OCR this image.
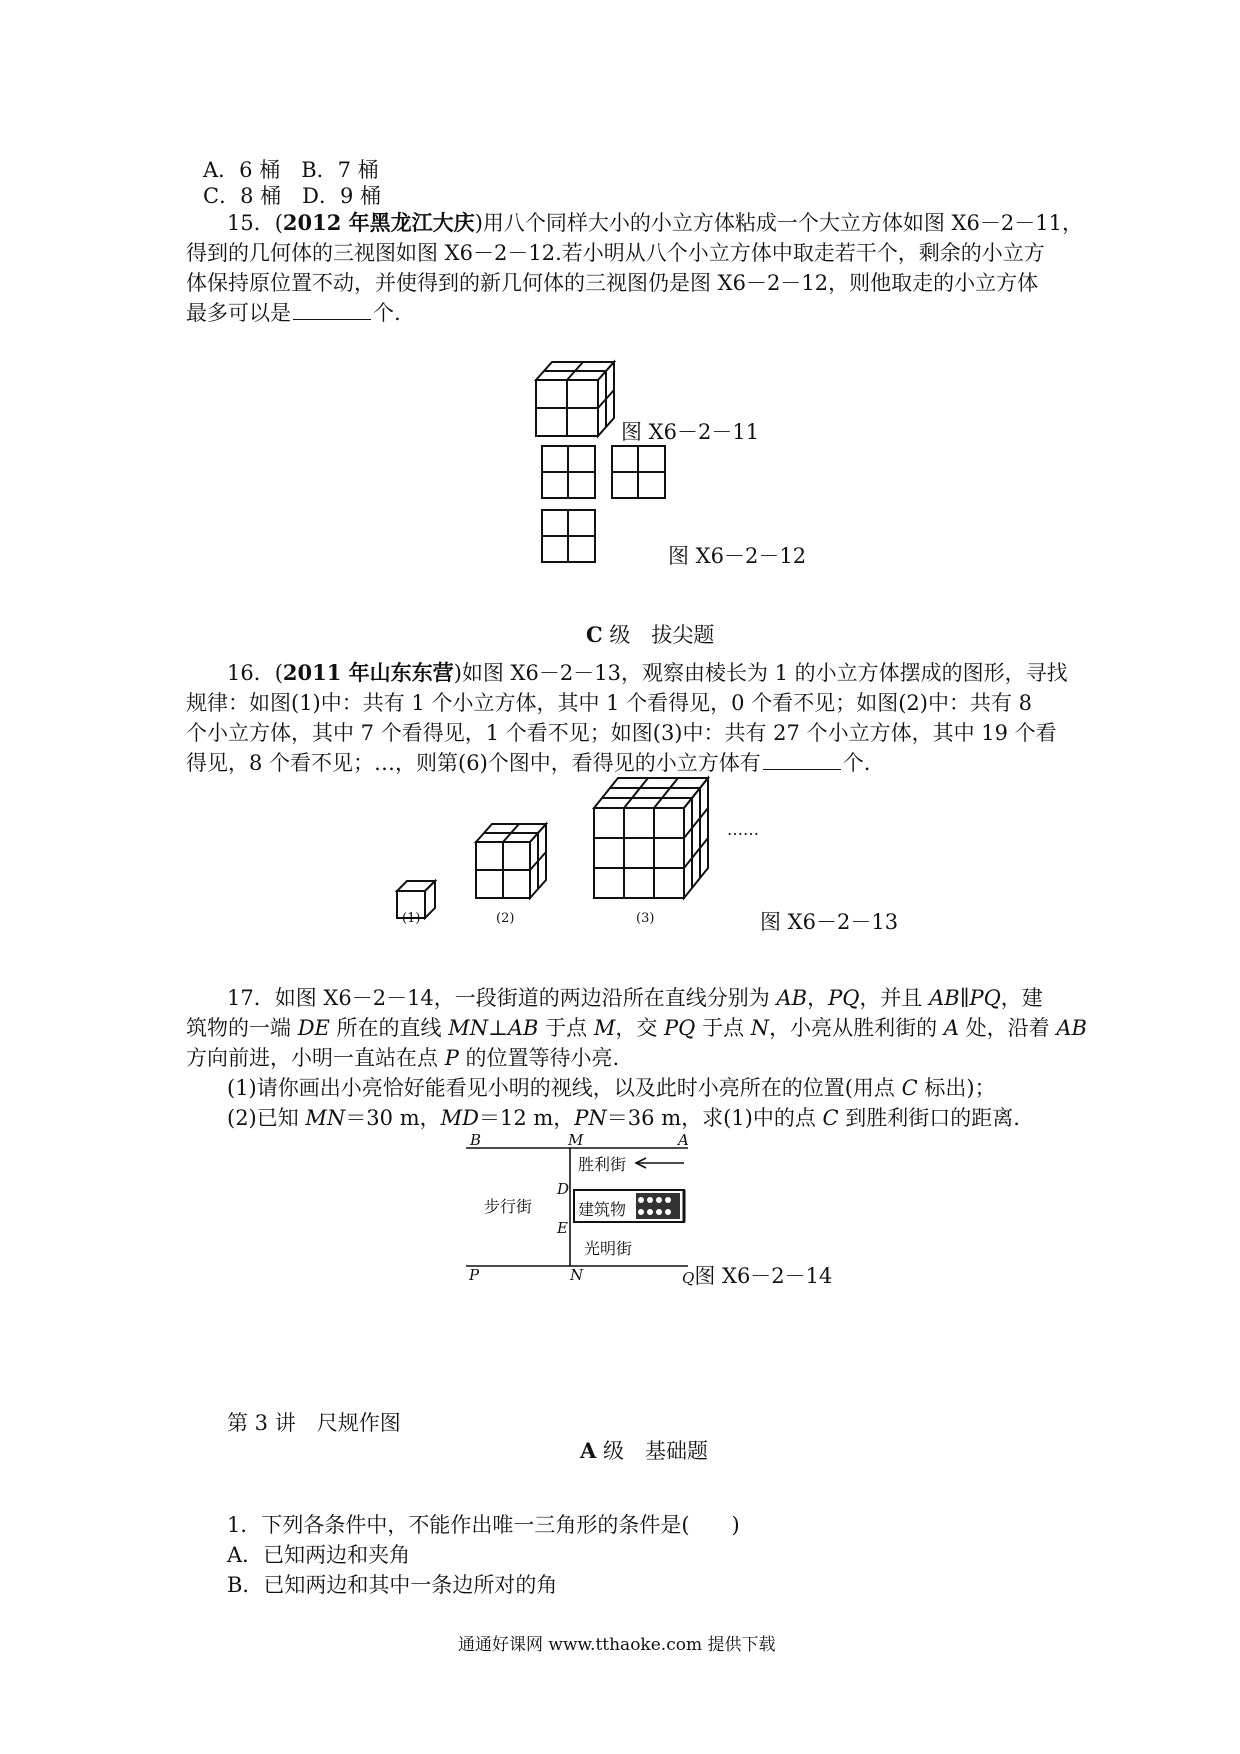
A．6 桶　B．7 桶
C．8 桶　D．9 桶
15．(2012 年黑龙江大庆)用八个同样大小的小立方体粘成一个大立方体如图 X6－2－11，
得到的几何体的三视图如图 X6－2－12.若小明从八个小立方体中取走若干个，剩余的小立方
体保持原位置不动，并使得到的新几何体的三视图仍是图 X6－2－12，则他取走的小立方体
最多可以是	个.
图 X6－2－11
图 X6－2－12
C 级　拔尖题
16．(2011 年山东东营)如图 X6－2－13，观察由棱长为 1 的小立方体摆成的图形，寻找
规律：如图(1)中：共有 1 个小立方体，其中 1 个看得见，0 个看不见；如图(2)中：共有 8
个小立方体，其中 7 个看得见，1 个看不见；如图(3)中：共有 27 个小立方体，其中 19 个看
得见，8 个看不见；…，则第(6)个图中，看得见的小立方体有	个.
(1)	(2)	(3)
……
图 X6－2－13
17．如图 X6－2－14，一段街道的两边沿所在直线分别为 AB，PQ，并且 AB∥PQ，建
筑物的一端 DE 所在的直线 MN⊥AB 于点 M，交 PQ 于点 N，小亮从胜利街的 A 处，沿着 AB
方向前进，小明一直站在点 P 的位置等待小亮.
(1)请你画出小亮恰好能看见小明的视线，以及此时小亮所在的位置(用点 C 标出)；
(2)已知 MN＝30 m，MD＝12 m，PN＝36 m，求(1)中的点 C 到胜利街口的距离.
B	M	A
胜利街
D
步行街	建筑物
E
光明街
P	N	Q图 X6－2－14
第 3 讲　尺规作图
A 级　基础题
1．下列各条件中，不能作出唯一三角形的条件是(　　)
A．已知两边和夹角
B．已知两边和其中一条边所对的角
通通好课网 www.tthaoke.com 提供下载
